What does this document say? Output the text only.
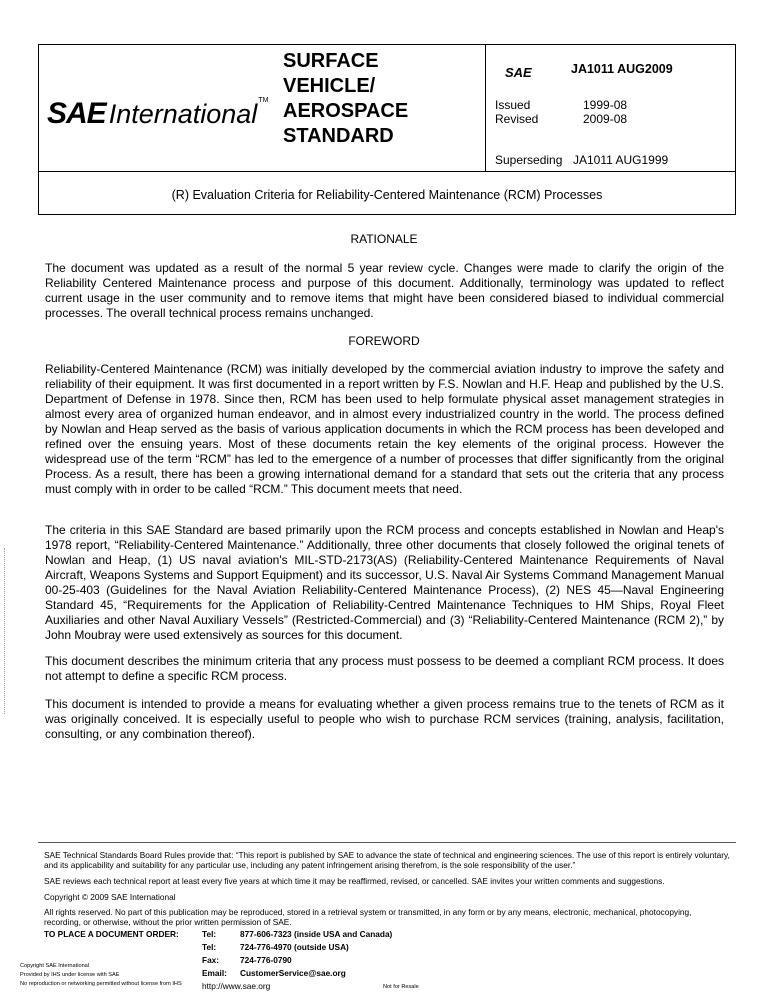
SAE International TM
SURFACE
VEHICLE/
AEROSPACE
STANDARD
SAE	JA1011 AUG2009
Issued	1999-08
Revised	2009-08
Superseding JA1011 AUG1999
(R) Evaluation Criteria for Reliability-Centered Maintenance (RCM) Processes
RATIONALE
The document was updated as a result of the normal 5 year review cycle. Changes were made to clarify the origin of the Reliability Centered Maintenance process and purpose of this document. Additionally, terminology was updated to reflect current usage in the user community and to remove items that might have been considered biased to individual commercial processes. The overall technical process remains unchanged.
FOREWORD
Reliability-Centered Maintenance (RCM) was initially developed by the commercial aviation industry to improve the safety and reliability of their equipment. It was first documented in a report written by F.S. Nowlan and H.F. Heap and published by the U.S. Department of Defense in 1978. Since then, RCM has been used to help formulate physical asset management strategies in almost every area of organized human endeavor, and in almost every industrialized country in the world. The process defined by Nowlan and Heap served as the basis of various application documents in which the RCM process has been developed and refined over the ensuing years. Most of these documents retain the key elements of the original process. However the widespread use of the term “RCM” has led to the emergence of a number of processes that differ significantly from the original Process. As a result, there has been a growing international demand for a standard that sets out the criteria that any process must comply with in order to be called “RCM.” This document meets that need.
The criteria in this SAE Standard are based primarily upon the RCM process and concepts established in Nowlan and Heap's 1978 report, “Reliability-Centered Maintenance.” Additionally, three other documents that closely followed the original tenets of Nowlan and Heap, (1) US naval aviation's MIL-STD-2173(AS) (Reliability-Centered Maintenance Requirements of Naval Aircraft, Weapons Systems and Support Equipment) and its successor, U.S. Naval Air Systems Command Management Manual 00-25-403 (Guidelines for the Naval Aviation Reliability-Centered Maintenance Process), (2) NES 45—Naval Engineering Standard 45, “Requirements for the Application of Reliability-Centred Maintenance Techniques to HM Ships, Royal Fleet Auxiliaries and other Naval Auxiliary Vessels” (Restricted-Commercial) and (3) “Reliability-Centered Maintenance (RCM 2),” by John Moubray were used extensively as sources for this document.
This document describes the minimum criteria that any process must possess to be deemed a compliant RCM process. It does not attempt to define a specific RCM process.
This document is intended to provide a means for evaluating whether a given process remains true to the tenets of RCM as it was originally conceived. It is especially useful to people who wish to purchase RCM services (training, analysis, facilitation, consulting, or any combination thereof).
SAE Technical Standards Board Rules provide that: “This report is published by SAE to advance the state of technical and engineering sciences. The use of this report is entirely voluntary, and its applicability and suitability for any particular use, including any patent infringement arising therefrom, is the sole responsibility of the user.”
SAE reviews each technical report at least every five years at which time it may be reaffirmed, revised, or cancelled. SAE invites your written comments and suggestions.
Copyright © 2009 SAE International
All rights reserved. No part of this publication may be reproduced, stored in a retrieval system or transmitted, in any form or by any means, electronic, mechanical, photocopying, recording, or otherwise, without the prior written permission of SAE.
TO PLACE A DOCUMENT ORDER:	Tel:	877-606-7323 (inside USA and Canada)
Tel:	724-776-4970 (outside USA)
Fax:	724-776-0790
Email: CustomerService@sae.org
http://www.sae.org
Copyright SAE International
Provided by IHS under license with SAE
No reproduction or networking permitted without license from IHS	Not for Resale
